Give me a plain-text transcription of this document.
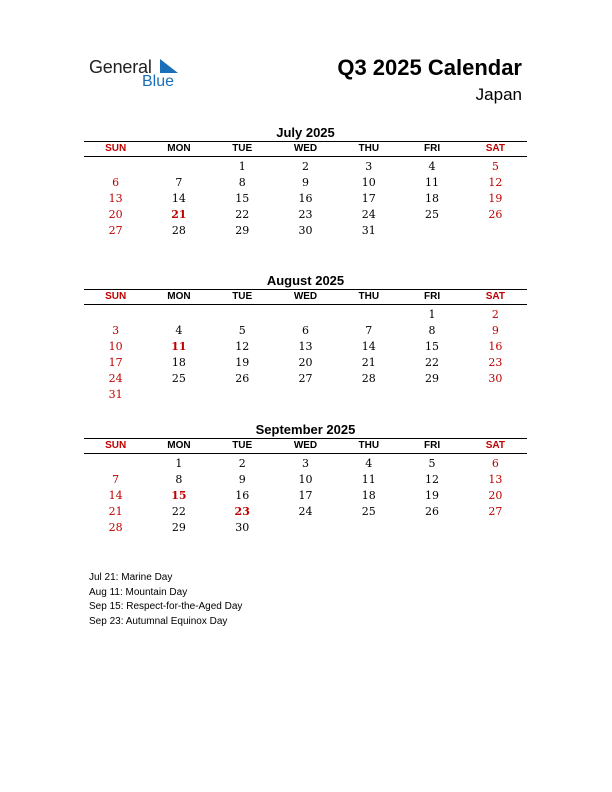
General
Blue
Q3 2025 Calendar
Japan
July 2025
SUN	MON	TUE	WED	THU	FRI	SAT
		1	2	3	4	5
6	7	8	9	10	11	12
13	14	15	16	17	18	19
20	21	22	23	24	25	26
27	28	29	30	31		
August 2025
SUN	MON	TUE	WED	THU	FRI	SAT
					1	2
3	4	5	6	7	8	9
10	11	12	13	14	15	16
17	18	19	20	21	22	23
24	25	26	27	28	29	30
31						
September 2025
SUN	MON	TUE	WED	THU	FRI	SAT
	1	2	3	4	5	6
7	8	9	10	11	12	13
14	15	16	17	18	19	20
21	22	23	24	25	26	27
28	29	30				
Jul 21: Marine Day
Aug 11: Mountain Day
Sep 15: Respect-for-the-Aged Day
Sep 23: Autumnal Equinox Day
